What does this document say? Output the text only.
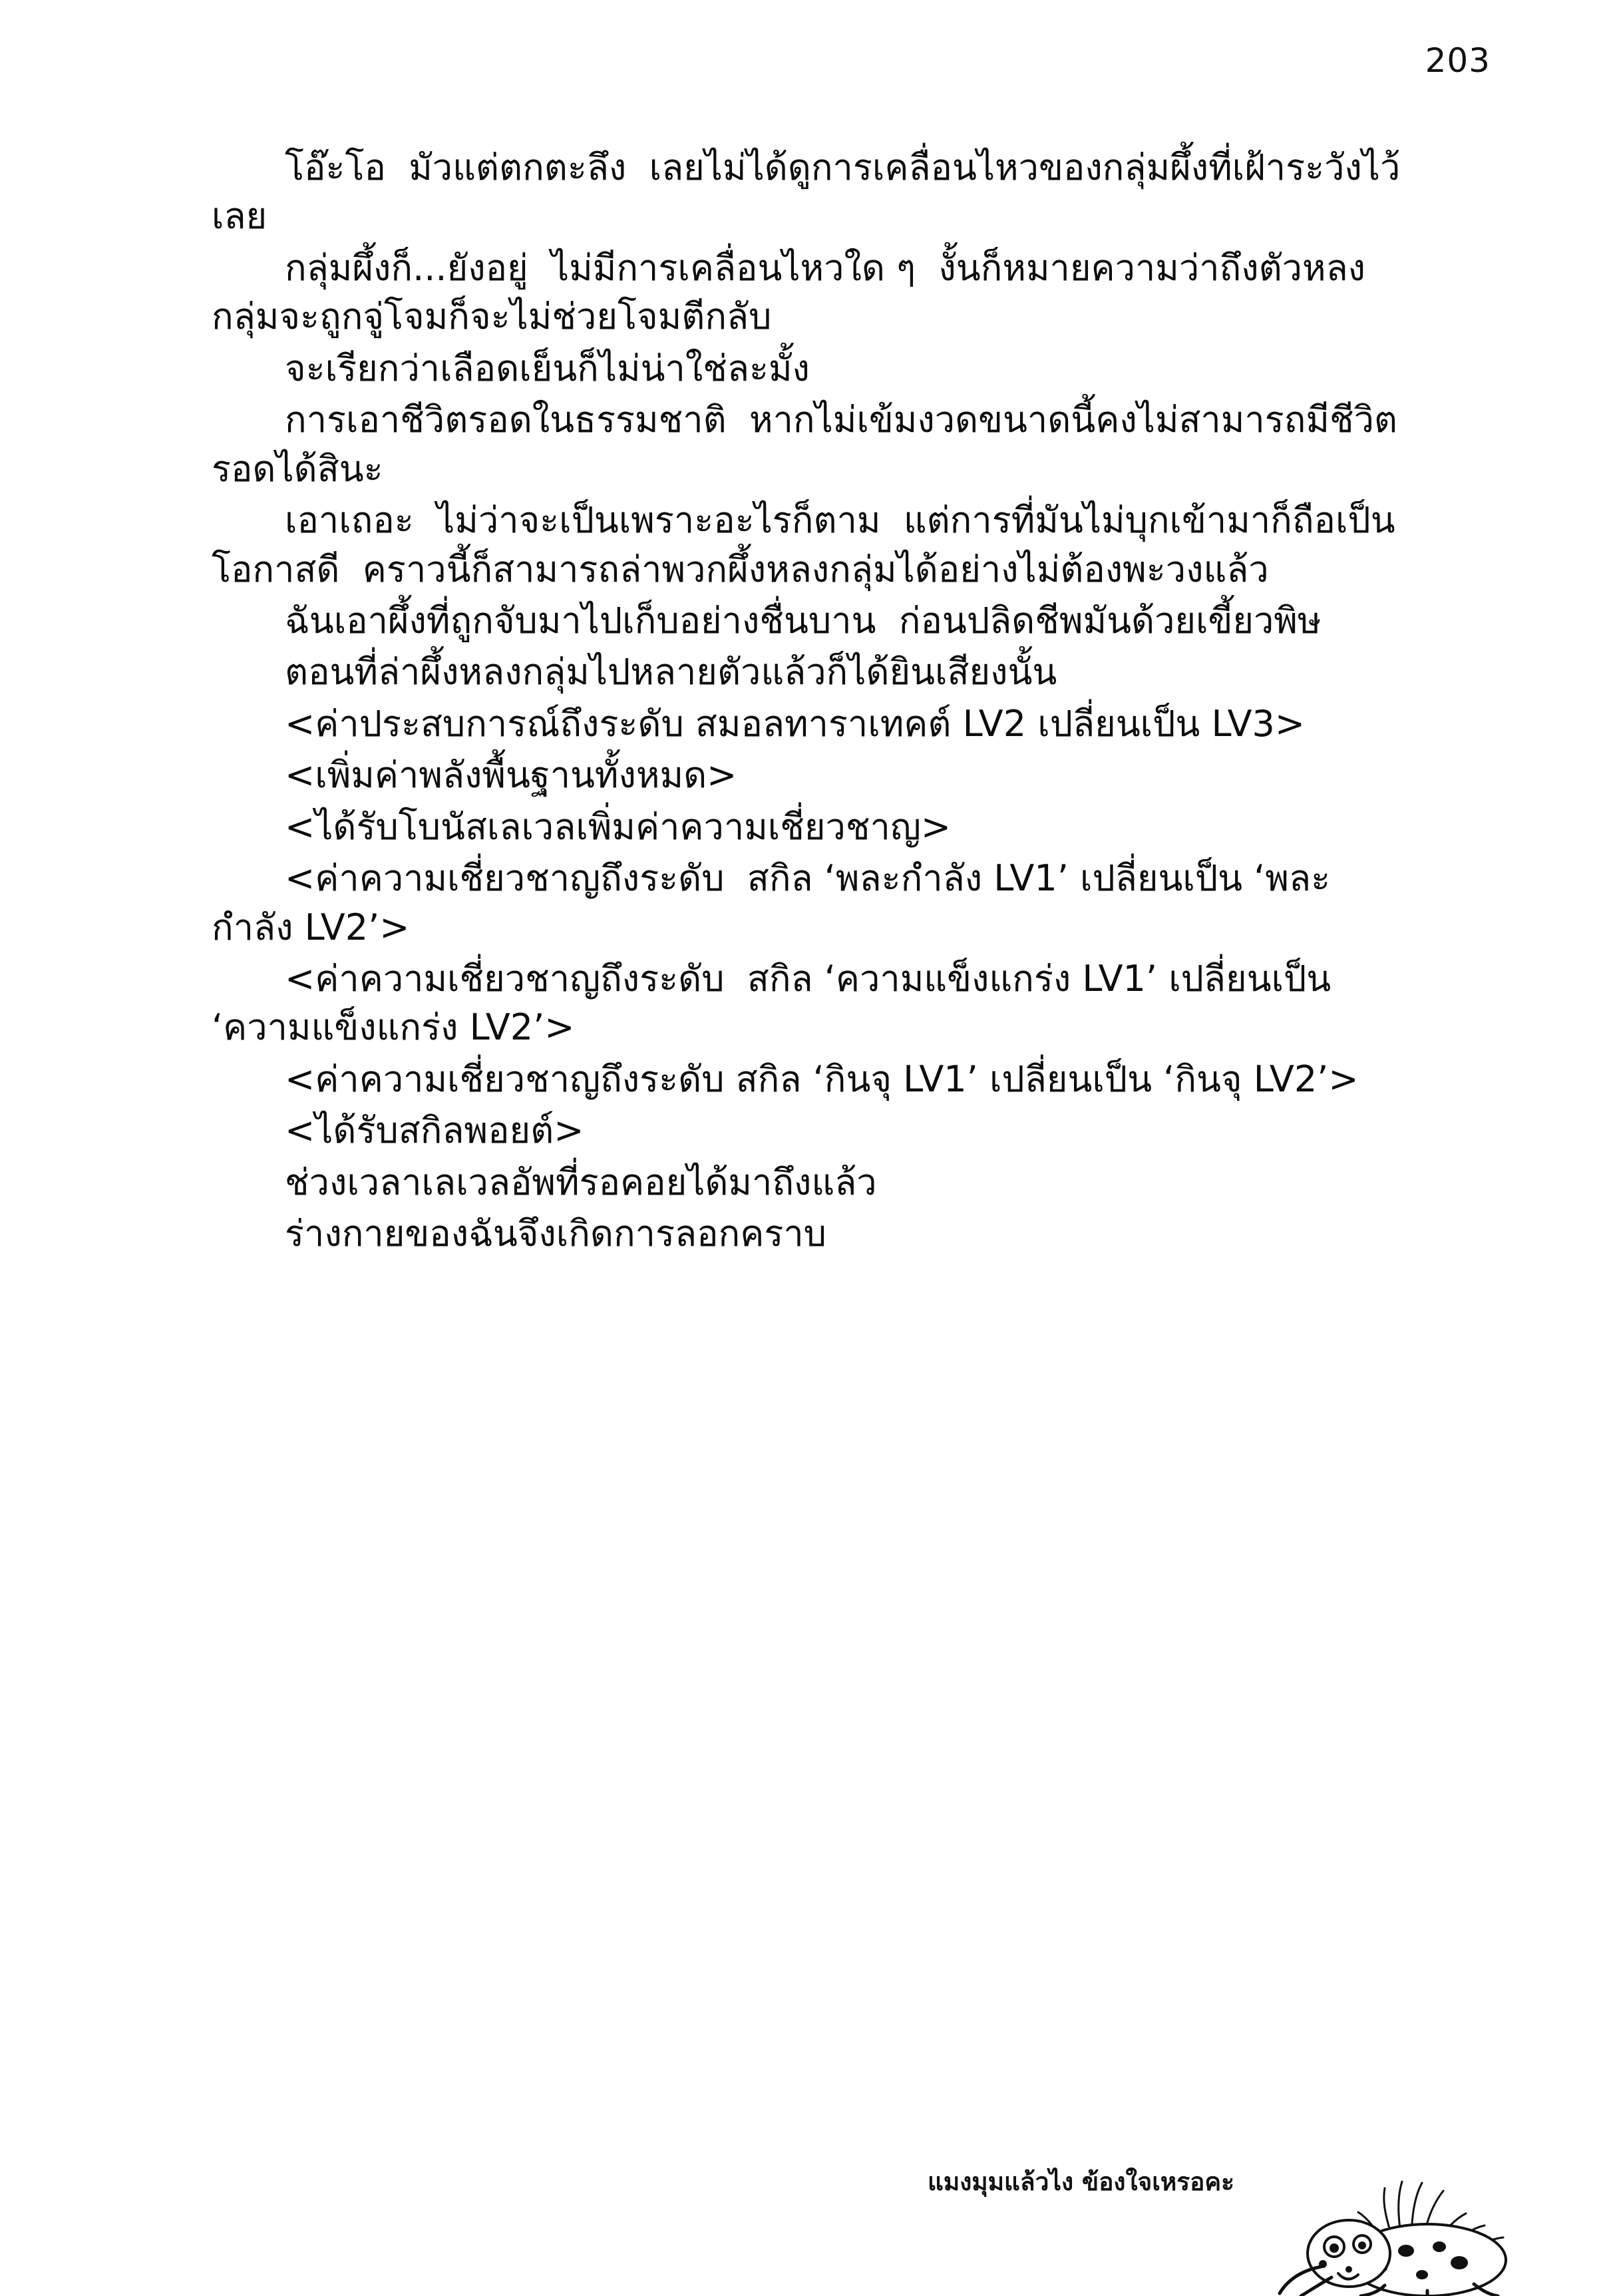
203

โอ๊ะโอ  มัวแต่ตกตะลึง  เลยไม่ได้ดูการเคลื่อนไหวของกลุ่มผึ้งที่เฝ้าระวังไว้เลย

กลุ่มผึ้งก็...ยังอยู่  ไม่มีการเคลื่อนไหวใด ๆ  งั้นก็หมายความว่าถึงตัวหลงกลุ่มจะถูกจู่โจมก็จะไม่ช่วยโจมตีกลับ

จะเรียกว่าเลือดเย็นก็ไม่น่าใช่ละมั้ง

การเอาชีวิตรอดในธรรมชาติ  หากไม่เข้มงวดขนาดนี้คงไม่สามารถมีชีวิตรอดได้สินะ

เอาเถอะ  ไม่ว่าจะเป็นเพราะอะไรก็ตาม  แต่การที่มันไม่บุกเข้ามาก็ถือเป็นโอกาสดี  คราวนี้ก็สามารถล่าพวกผึ้งหลงกลุ่มได้อย่างไม่ต้องพะวงแล้ว

ฉันเอาผึ้งที่ถูกจับมาไปเก็บอย่างชื่นบาน  ก่อนปลิดชีพมันด้วยเขี้ยวพิษ

ตอนที่ล่าผึ้งหลงกลุ่มไปหลายตัวแล้วก็ได้ยินเสียงนั้น

<ค่าประสบการณ์ถึงระดับ สมอลทาราเทคต์ LV2 เปลี่ยนเป็น LV3>

<เพิ่มค่าพลังพื้นฐานทั้งหมด>

<ได้รับโบนัสเลเวลเพิ่มค่าความเชี่ยวชาญ>

<ค่าความเชี่ยวชาญถึงระดับ  สกิล ‘พละกำลัง LV1’ เปลี่ยนเป็น ‘พละกำลัง LV2’>

<ค่าความเชี่ยวชาญถึงระดับ  สกิล ‘ความแข็งแกร่ง LV1’ เปลี่ยนเป็น ‘ความแข็งแกร่ง LV2’>

<ค่าความเชี่ยวชาญถึงระดับ สกิล ‘กินจุ LV1’ เปลี่ยนเป็น ‘กินจุ LV2’>

<ได้รับสกิลพอยต์>

ช่วงเวลาเลเวลอัพที่รอคอยได้มาถึงแล้ว

ร่างกายของฉันจึงเกิดการลอกคราบ

แมงมุมแล้วไง ข้องใจเหรอคะ
